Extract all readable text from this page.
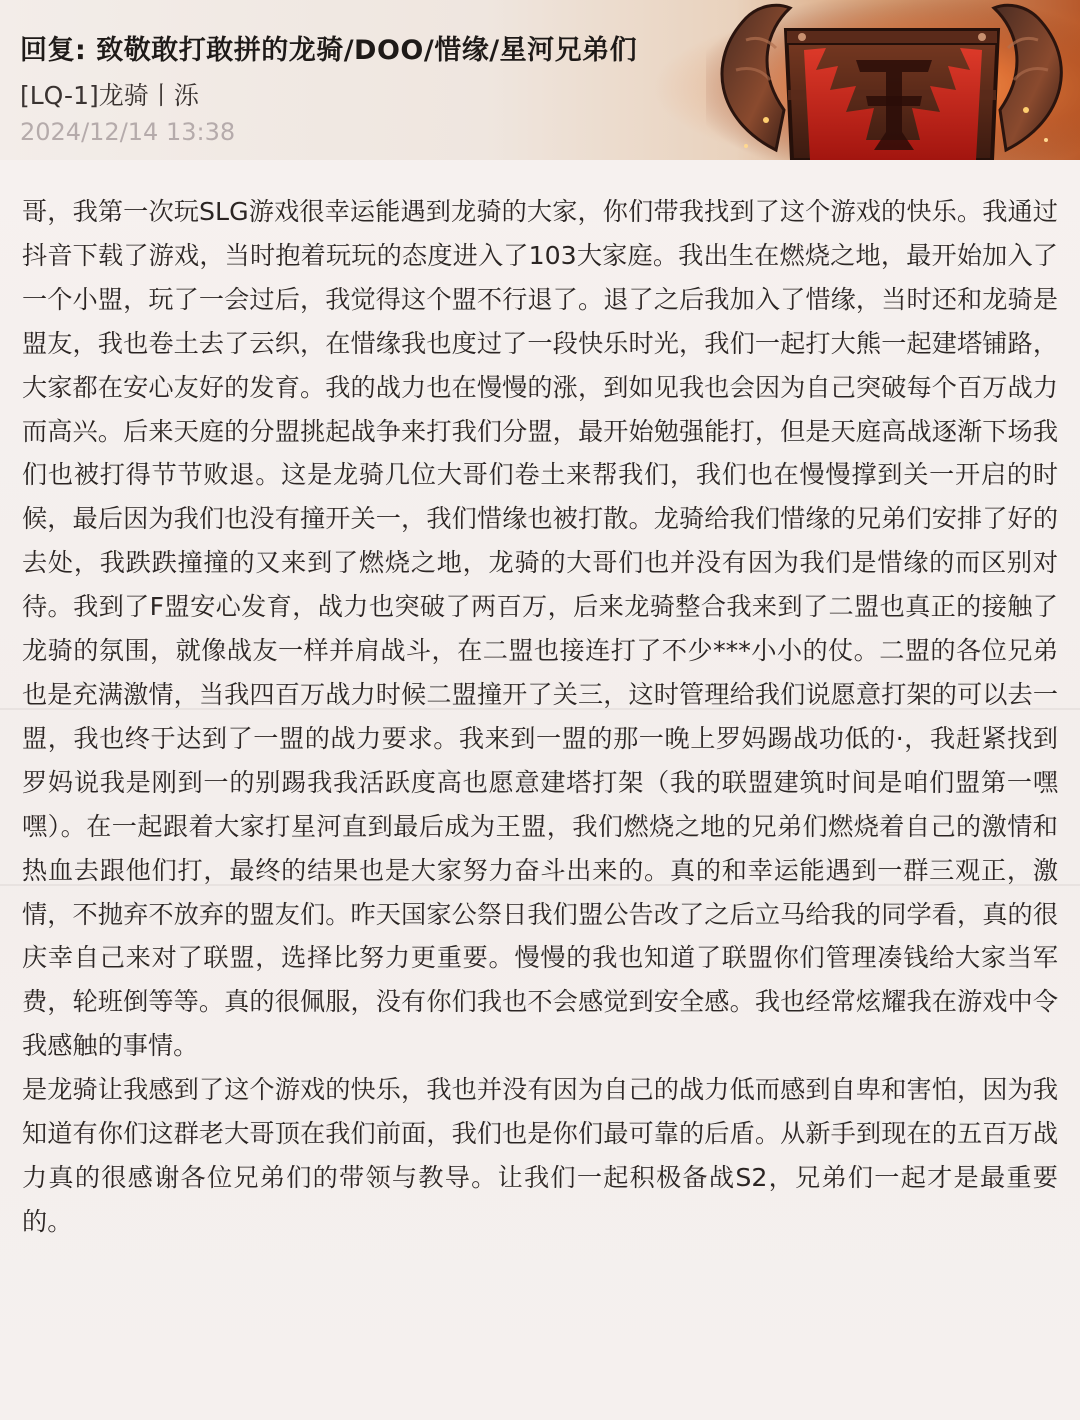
回复: 致敬敢打敢拼的龙骑/DOO/惜缘/星河兄弟们
[LQ-1]龙骑丨泺
2024/12/14 13:38

哥，我第一次玩SLG游戏很幸运能遇到龙骑的大家，你们带我找到了这个游戏的快乐。我通过抖音下载了游戏，当时抱着玩玩的态度进入了103大家庭。我出生在燃烧之地，最开始加入了一个小盟，玩了一会过后，我觉得这个盟不行退了。退了之后我加入了惜缘，当时还和龙骑是盟友，我也卷土去了云织，在惜缘我也度过了一段快乐时光，我们一起打大熊一起建塔铺路，大家都在安心友好的发育。我的战力也在慢慢的涨，到如见我也会因为自己突破每个百万战力而高兴。后来天庭的分盟挑起战争来打我们分盟，最开始勉强能打，但是天庭高战逐渐下场我们也被打得节节败退。这是龙骑几位大哥们卷土来帮我们，我们也在慢慢撑到关一开启的时候，最后因为我们也没有撞开关一，我们惜缘也被打散。龙骑给我们惜缘的兄弟们安排了好的去处，我跌跌撞撞的又来到了燃烧之地，龙骑的大哥们也并没有因为我们是惜缘的而区别对待。我到了F盟安心发育，战力也突破了两百万，后来龙骑整合我来到了二盟也真正的接触了龙骑的氛围，就像战友一样并肩战斗，在二盟也接连打了不少***小小的仗。二盟的各位兄弟也是充满激情，当我四百万战力时候二盟撞开了关三，这时管理给我们说愿意打架的可以去一盟，我也终于达到了一盟的战力要求。我来到一盟的那一晚上罗妈踢战功低的·，我赶紧找到罗妈说我是刚到一的别踢我我活跃度高也愿意建塔打架（我的联盟建筑时间是咱们盟第一嘿嘿）。在一起跟着大家打星河直到最后成为王盟，我们燃烧之地的兄弟们燃烧着自己的激情和热血去跟他们打，最终的结果也是大家努力奋斗出来的。真的和幸运能遇到一群三观正，激情，不抛弃不放弃的盟友们。昨天国家公祭日我们盟公告改了之后立马给我的同学看，真的很庆幸自己来对了联盟，选择比努力更重要。慢慢的我也知道了联盟你们管理凑钱给大家当军费，轮班倒等等。真的很佩服，没有你们我也不会感觉到安全感。我也经常炫耀我在游戏中令我感触的事情。

是龙骑让我感到了这个游戏的快乐，我也并没有因为自己的战力低而感到自卑和害怕，因为我知道有你们这群老大哥顶在我们前面，我们也是你们最可靠的后盾。从新手到现在的五百万战力真的很感谢各位兄弟们的带领与教导。让我们一起积极备战S2，兄弟们一起才是最重要的。
